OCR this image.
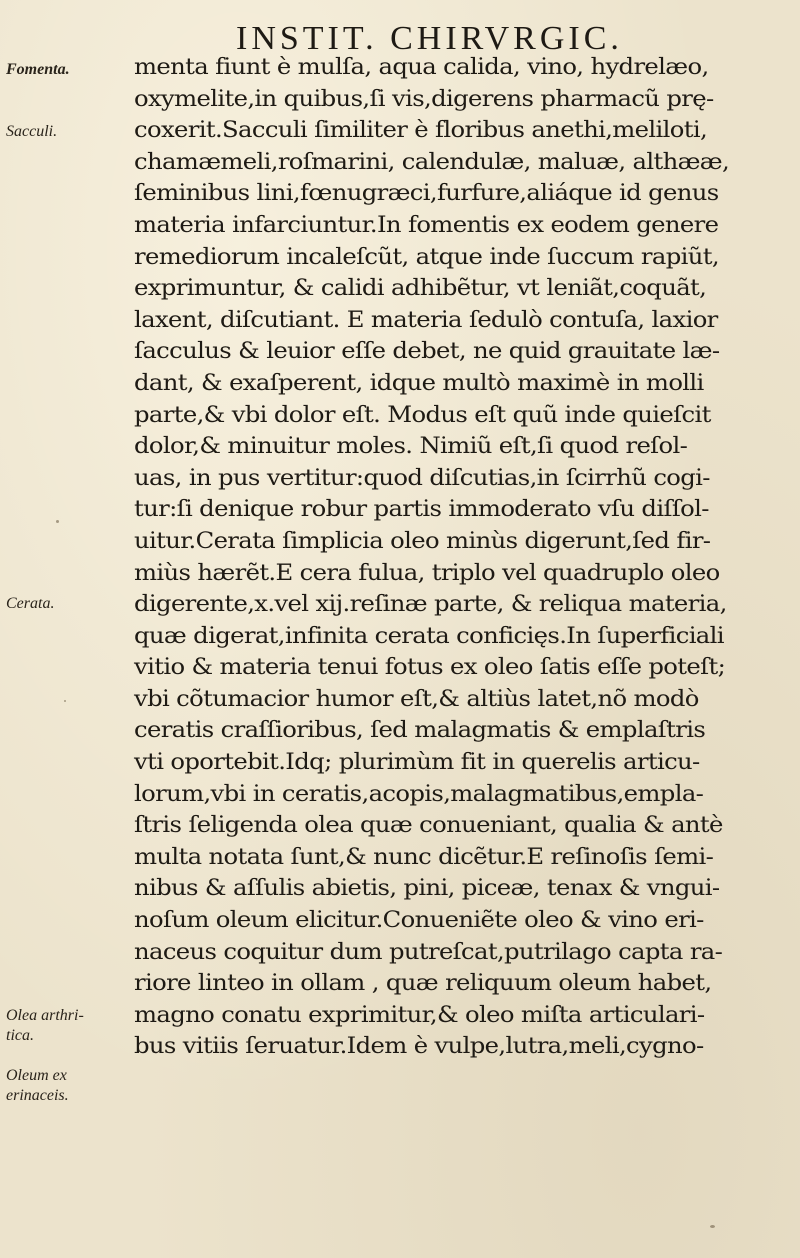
INSTIT. CHIRVRGIC.
Fomenta.
Sacculi.
Cerata.
Olea arthri-
tica.
Oleum ex
erinaceis.
menta fiunt è mulſa, aqua calida, vino, hydrelæo,
oxymelite,in quibus,ſi vis,digerens pharmacũ prę-
coxerit.Sacculi ſimiliter è floribus anethi,meliloti,
chamæmeli,roſmarini, calendulæ, maluæ, althææ,
ſeminibus lini,fœnugræci,furfure,aliáque id genus
materia infarciuntur.In fomentis ex eodem genere
remediorum incaleſcũt, atque inde ſuccum rapiũt,
exprimuntur, & calidi adhibẽtur, vt leniãt,coquãt,
laxent, diſcutiant. E materia ſedulò contuſa, laxior
ſacculus & leuior eſſe debet, ne quid grauitate læ-
dant, & exaſperent, idque multò maximè in molli
parte,& vbi dolor eſt. Modus eſt quũ inde quieſcit
dolor,& minuitur moles. Nimiũ eſt,ſi quod reſol-
uas, in pus vertitur:quod diſcutias,in ſcirrhũ cogi-
tur:ſi denique robur partis immoderato vſu diſſol-
uitur.Cerata ſimplicia oleo minùs digerunt,ſed fir-
miùs hærẽt.E cera fulua, triplo vel quadruplo oleo
digerente,x.vel xij.reſinæ parte, & reliqua materia,
quæ digerat,infinita cerata conficięs.In ſuperficiali
vitio & materia tenui fotus ex oleo ſatis eſſe poteſt;
vbi cõtumacior humor eſt,& altiùs latet,nõ modò
ceratis craſſioribus, ſed malagmatis & emplaſtris
vti oportebit.Idq; plurimùm fit in querelis articu-
lorum,vbi in ceratis,acopis,malagmatibus,empla-
ſtris ſeligenda olea quæ conueniant, qualia & antè
multa notata ſunt,& nunc dicẽtur.E reſinoſis ſemi-
nibus & aſſulis abietis, pini, piceæ, tenax & vngui-
noſum oleum elicitur.Conueniẽte oleo & vino eri-
naceus coquitur dum putreſcat,putrilago capta ra-
riore linteo in ollam , quæ reliquum oleum habet,
magno conatu exprimitur,& oleo miſta articulari-
bus vitiis ſeruatur.Idem è vulpe,lutra,meli,cygno-
